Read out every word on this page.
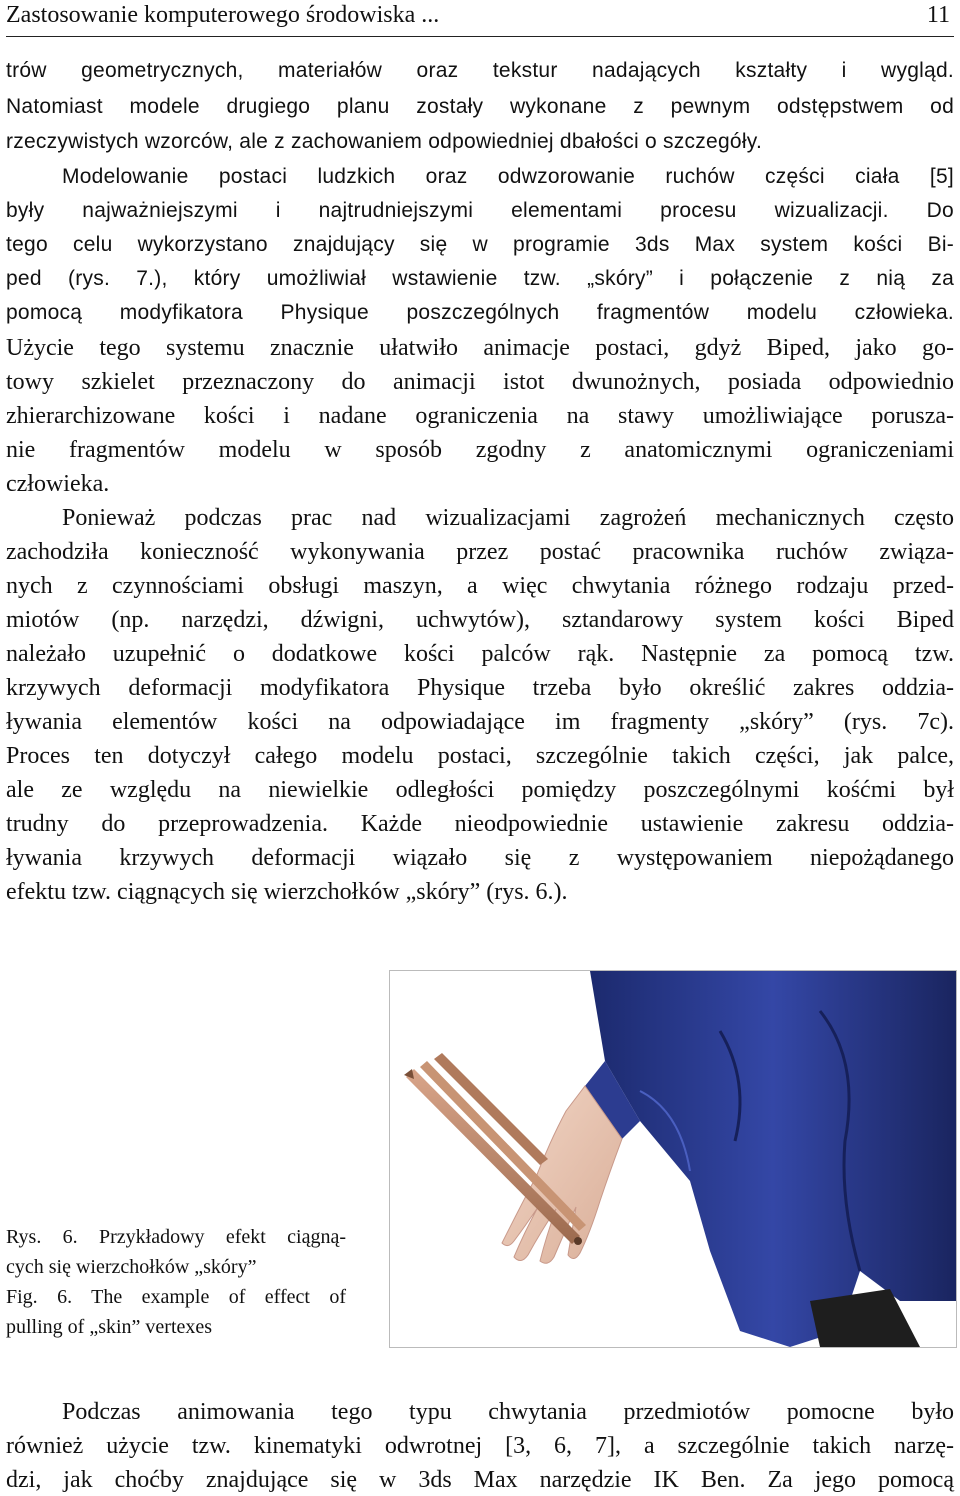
Zastosowanie komputerowego środowiska ...	11
trów geometrycznych, materiałów oraz tekstur nadających kształty i wygląd.
Natomiast modele drugiego planu zostały wykonane z pewnym odstępstwem od
rzeczywistych wzorców, ale z zachowaniem odpowiedniej dbałości o szczegóły.
Modelowanie postaci ludzkich oraz odwzorowanie ruchów części ciała [5]
były najważniejszymi i najtrudniejszymi elementami procesu wizualizacji. Do
tego celu wykorzystano znajdujący się w programie 3ds Max system kości Bi-
ped (rys. 7.), który umożliwiał wstawienie tzw. „skóry” i połączenie z nią za
pomocą modyfikatora Physique poszczególnych fragmentów modelu człowieka.
Użycie tego systemu znacznie ułatwiło animacje postaci, gdyż Biped, jako go-
towy szkielet przeznaczony do animacji istot dwunożnych, posiada odpowiednio
zhierarchizowane kości i nadane ograniczenia na stawy umożliwiające porusza-
nie fragmentów modelu w sposób zgodny z anatomicznymi ograniczeniami
człowieka.
Ponieważ podczas prac nad wizualizacjami zagrożeń mechanicznych często
zachodziła konieczność wykonywania przez postać pracownika ruchów związa-
nych z czynnościami obsługi maszyn, a więc chwytania różnego rodzaju przed-
miotów (np. narzędzi, dźwigni, uchwytów), sztandarowy system kości Biped
należało uzupełnić o dodatkowe kości palców rąk. Następnie za pomocą tzw.
krzywych deformacji modyfikatora Physique trzeba było określić zakres oddzia-
ływania elementów kości na odpowiadające im fragmenty „skóry” (rys. 7c).
Proces ten dotyczył całego modelu postaci, szczególnie takich części, jak palce,
ale ze względu na niewielkie odległości pomiędzy poszczególnymi kośćmi był
trudny do przeprowadzenia. Każde nieodpowiednie ustawienie zakresu oddzia-
ływania krzywych deformacji wiązało się z występowaniem niepożądanego
efektu tzw. ciągnących się wierzchołków „skóry” (rys. 6.).
Rys. 6. Przykładowy efekt ciągną-
cych się wierzchołków „skóry”
Fig. 6. The example of effect of
pulling of „skin” vertexes
Podczas animowania tego typu chwytania przedmiotów pomocne było
również użycie tzw. kinematyki odwrotnej [3, 6, 7], a szczególnie takich narzę-
dzi, jak choćby znajdujące się w 3ds Max narzędzie IK Ben. Za jego pomocą
